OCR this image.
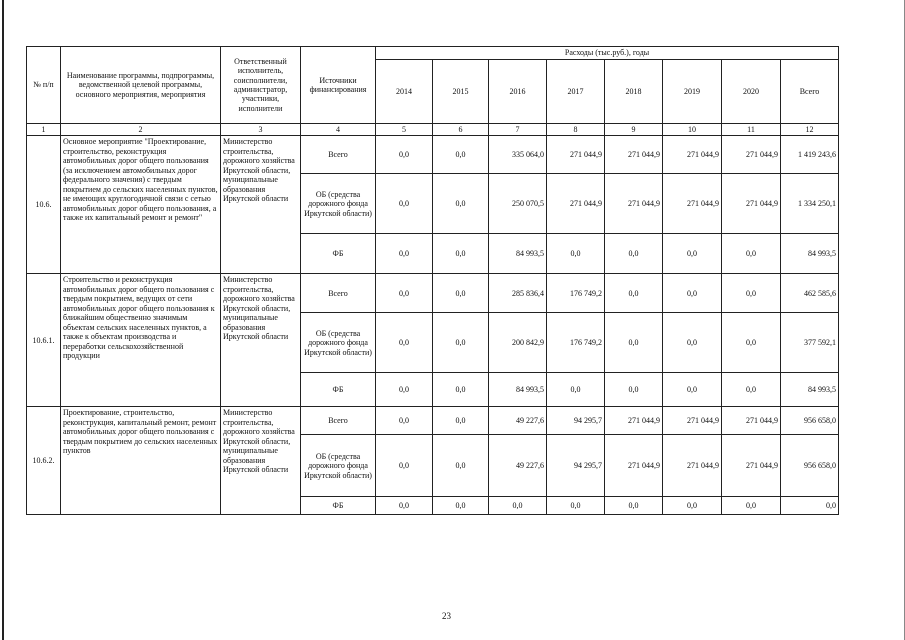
№ п/п	Наименование программы, подпрограммы, ведомственной целевой программы, основного мероприятия, мероприятия	Ответственный исполнитель, соисполнители, администратор, участники, исполнители	Источники финансирования	Расходы (тыс.руб.), годы							
				2014	2015	2016	2017	2018	2019	2020	Всего
1	2	3	4	5	6	7	8	9	10	11	12
10.6.	Основное мероприятие "Проектирование, строительство, реконструкция автомобильных дорог общего пользования (за исключением автомобильных дорог федерального значения) с твердым покрытием до сельских населенных пунктов, не имеющих круглогодичной связи с сетью автомобильных дорог общего пользования, а также их капитальный ремонт и ремонт"	Министерство строительства, дорожного хозяйства Иркутской области, муниципальные образования Иркутской области	Всего	0,0	0,0	335 064,0	271 044,9	271 044,9	271 044,9	271 044,9	1 419 243,6
			ОБ (средства дорожного фонда Иркутской области)	0,0	0,0	250 070,5	271 044,9	271 044,9	271 044,9	271 044,9	1 334 250,1
			ФБ	0,0	0,0	84 993,5	0,0	0,0	0,0	0,0	84 993,5
10.6.1.	Строительство и реконструкция автомобильных дорог общего пользования с твердым покрытием, ведущих от сети автомобильных дорог общего пользования к ближайшим общественно значимым объектам сельских населенных пунктов, а также к объектам производства и переработки сельскохозяйственной продукции	Министерство строительства, дорожного хозяйства Иркутской области, муниципальные образования Иркутской области	Всего	0,0	0,0	285 836,4	176 749,2	0,0	0,0	0,0	462 585,6
			ОБ (средства дорожного фонда Иркутской области)	0,0	0,0	200 842,9	176 749,2	0,0	0,0	0,0	377 592,1
			ФБ	0,0	0,0	84 993,5	0,0	0,0	0,0	0,0	84 993,5
10.6.2.	Проектирование, строительство, реконструкция, капитальный ремонт, ремонт автомобильных дорог общего пользования с твердым покрытием до сельских населенных пунктов	Министерство строительства, дорожного хозяйства Иркутской области, муниципальные образования Иркутской области	Всего	0,0	0,0	49 227,6	94 295,7	271 044,9	271 044,9	271 044,9	956 658,0
			ОБ (средства дорожного фонда Иркутской области)	0,0	0,0	49 227,6	94 295,7	271 044,9	271 044,9	271 044,9	956 658,0
			ФБ	0,0	0,0	0,0	0,0	0,0	0,0	0,0	0,0
23
